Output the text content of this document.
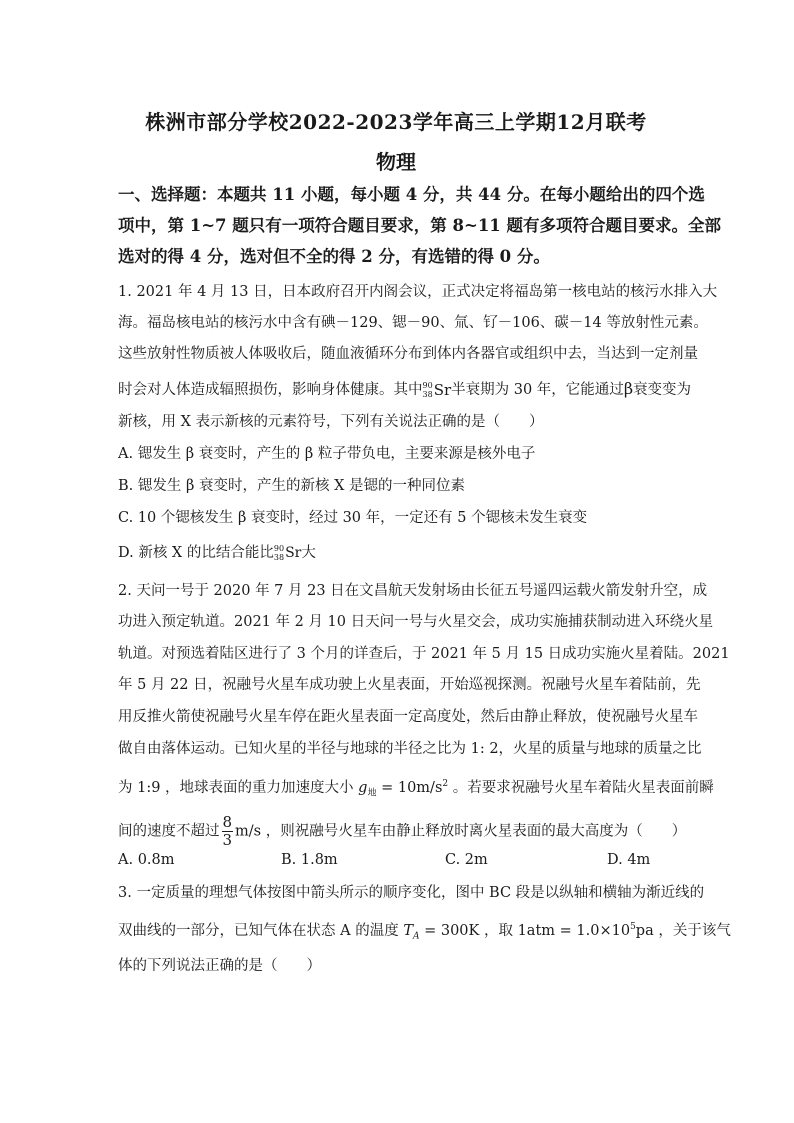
株洲市部分学校2022-2023学年高三上学期12月联考
物理
一、选择题：本题共 11 小题，每小题 4 分，共 44 分。在每小题给出的四个选
项中，第 1~7 题只有一项符合题目要求，第 8~11 题有多项符合题目要求。全部
选对的得 4 分，选对但不全的得 2 分，有选错的得 0 分。
1. 2021 年 4 月 13 日，日本政府召开内阁会议，正式决定将福岛第一核电站的核污水排入大
海。福岛核电站的核污水中含有碘－129、锶－90、氚、钌－106、碳－14 等放射性元素。
这些放射性物质被人体吸收后，随血液循环分布到体内各器官或组织中去，当达到一定剂量
时会对人体造成辐照损伤，影响身体健康。其中90
38Sr半衰期为 30 年，它能通过β衰变变为
新核，用 X 表示新核的元素符号，下列有关说法正确的是（　　）
A. 锶发生 β 衰变时，产生的 β 粒子带负电，主要来源是核外电子
B. 锶发生 β 衰变时，产生的新核 X 是锶的一种同位素
C. 10 个锶核发生 β 衰变时，经过 30 年，一定还有 5 个锶核未发生衰变
D. 新核 X 的比结合能比90
38Sr大
2. 天问一号于 2020 年 7 月 23 日在文昌航天发射场由长征五号遥四运载火箭发射升空，成
功进入预定轨道。2021 年 2 月 10 日天问一号与火星交会，成功实施捕获制动进入环绕火星
轨道。对预选着陆区进行了 3 个月的详查后，于 2021 年 5 月 15 日成功实施火星着陆。2021
年 5 月 22 日，祝融号火星车成功驶上火星表面，开始巡视探测。祝融号火星车着陆前，先
用反推火箭使祝融号火星车停在距火星表面一定高度处，然后由静止释放，使祝融号火星车
做自由落体运动。已知火星的半径与地球的半径之比为 1: 2，火星的质量与地球的质量之比
为 1:9 ，地球表面的重力加速度大小 $g_地 = 10m/s^2$ 。若要求祝融号火星车着陆火星表面前瞬
间的速度不超过 $\frac{8}{3} m/s$ ，则祝融号火星车由静止释放时离火星表面的最大高度为（　　）
A. 0.8m	B. 1.8m	C. 2m	D. 4m
3. 一定质量的理想气体按图中箭头所示的顺序变化，图中 BC 段是以纵轴和横轴为渐近线的
双曲线的一部分，已知气体在状态 A 的温度 $T_A = 300K$ ，取 $1atm = 1.0\times 10^5pa$ ，关于该气
体的下列说法正确的是（　　）
